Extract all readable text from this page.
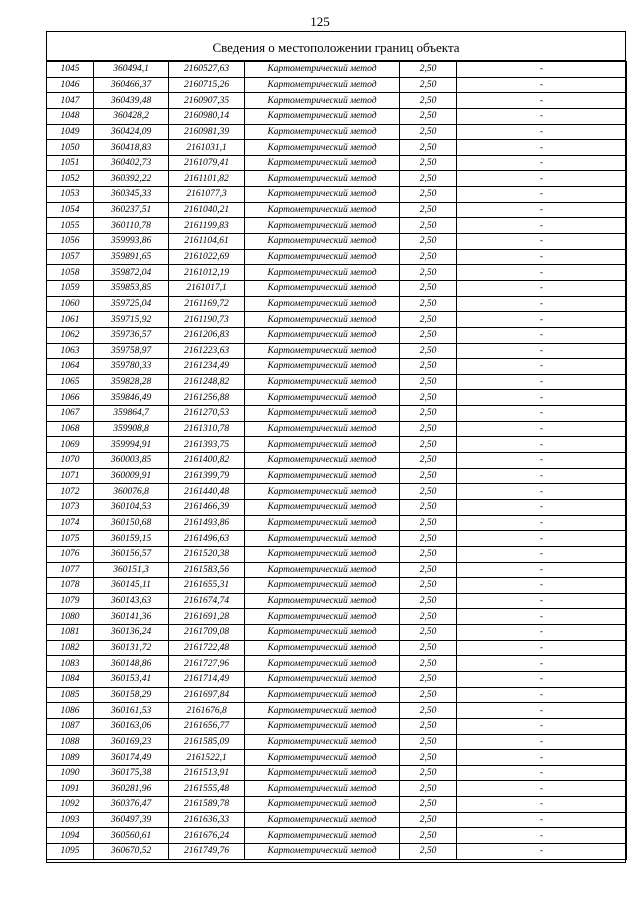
125
Сведения о местоположении границ объекта
1045	360494,1	2160527,63	Картометрический метод	2,50	-
1046	360466,37	2160715,26	Картометрический метод	2,50	-
1047	360439,48	2160907,35	Картометрический метод	2,50	-
1048	360428,2	2160980,14	Картометрический метод	2,50	-
1049	360424,09	2160981,39	Картометрический метод	2,50	-
1050	360418,83	2161031,1	Картометрический метод	2,50	-
1051	360402,73	2161079,41	Картометрический метод	2,50	-
1052	360392,22	2161101,82	Картометрический метод	2,50	-
1053	360345,33	2161077,3	Картометрический метод	2,50	-
1054	360237,51	2161040,21	Картометрический метод	2,50	-
1055	360110,78	2161199,83	Картометрический метод	2,50	-
1056	359993,86	2161104,61	Картометрический метод	2,50	-
1057	359891,65	2161022,69	Картометрический метод	2,50	-
1058	359872,04	2161012,19	Картометрический метод	2,50	-
1059	359853,85	2161017,1	Картометрический метод	2,50	-
1060	359725,04	2161169,72	Картометрический метод	2,50	-
1061	359715,92	2161190,73	Картометрический метод	2,50	-
1062	359736,57	2161206,83	Картометрический метод	2,50	-
1063	359758,97	2161223,63	Картометрический метод	2,50	-
1064	359780,33	2161234,49	Картометрический метод	2,50	-
1065	359828,28	2161248,82	Картометрический метод	2,50	-
1066	359846,49	2161256,88	Картометрический метод	2,50	-
1067	359864,7	2161270,53	Картометрический метод	2,50	-
1068	359908,8	2161310,78	Картометрический метод	2,50	-
1069	359994,91	2161393,75	Картометрический метод	2,50	-
1070	360003,85	2161400,82	Картометрический метод	2,50	-
1071	360009,91	2161399,79	Картометрический метод	2,50	-
1072	360076,8	2161440,48	Картометрический метод	2,50	-
1073	360104,53	2161466,39	Картометрический метод	2,50	-
1074	360150,68	2161493,86	Картометрический метод	2,50	-
1075	360159,15	2161496,63	Картометрический метод	2,50	-
1076	360156,57	2161520,38	Картометрический метод	2,50	-
1077	360151,3	2161583,56	Картометрический метод	2,50	-
1078	360145,11	2161655,31	Картометрический метод	2,50	-
1079	360143,63	2161674,74	Картометрический метод	2,50	-
1080	360141,36	2161691,28	Картометрический метод	2,50	-
1081	360136,24	2161709,08	Картометрический метод	2,50	-
1082	360131,72	2161722,48	Картометрический метод	2,50	-
1083	360148,86	2161727,96	Картометрический метод	2,50	-
1084	360153,41	2161714,49	Картометрический метод	2,50	-
1085	360158,29	2161697,84	Картометрический метод	2,50	-
1086	360161,53	2161676,8	Картометрический метод	2,50	-
1087	360163,06	2161656,77	Картометрический метод	2,50	-
1088	360169,23	2161585,09	Картометрический метод	2,50	-
1089	360174,49	2161522,1	Картометрический метод	2,50	-
1090	360175,38	2161513,91	Картометрический метод	2,50	-
1091	360281,96	2161555,48	Картометрический метод	2,50	-
1092	360376,47	2161589,78	Картометрический метод	2,50	-
1093	360497,39	2161636,33	Картометрический метод	2,50	-
1094	360560,61	2161676,24	Картометрический метод	2,50	-
1095	360670,52	2161749,76	Картометрический метод	2,50	-
